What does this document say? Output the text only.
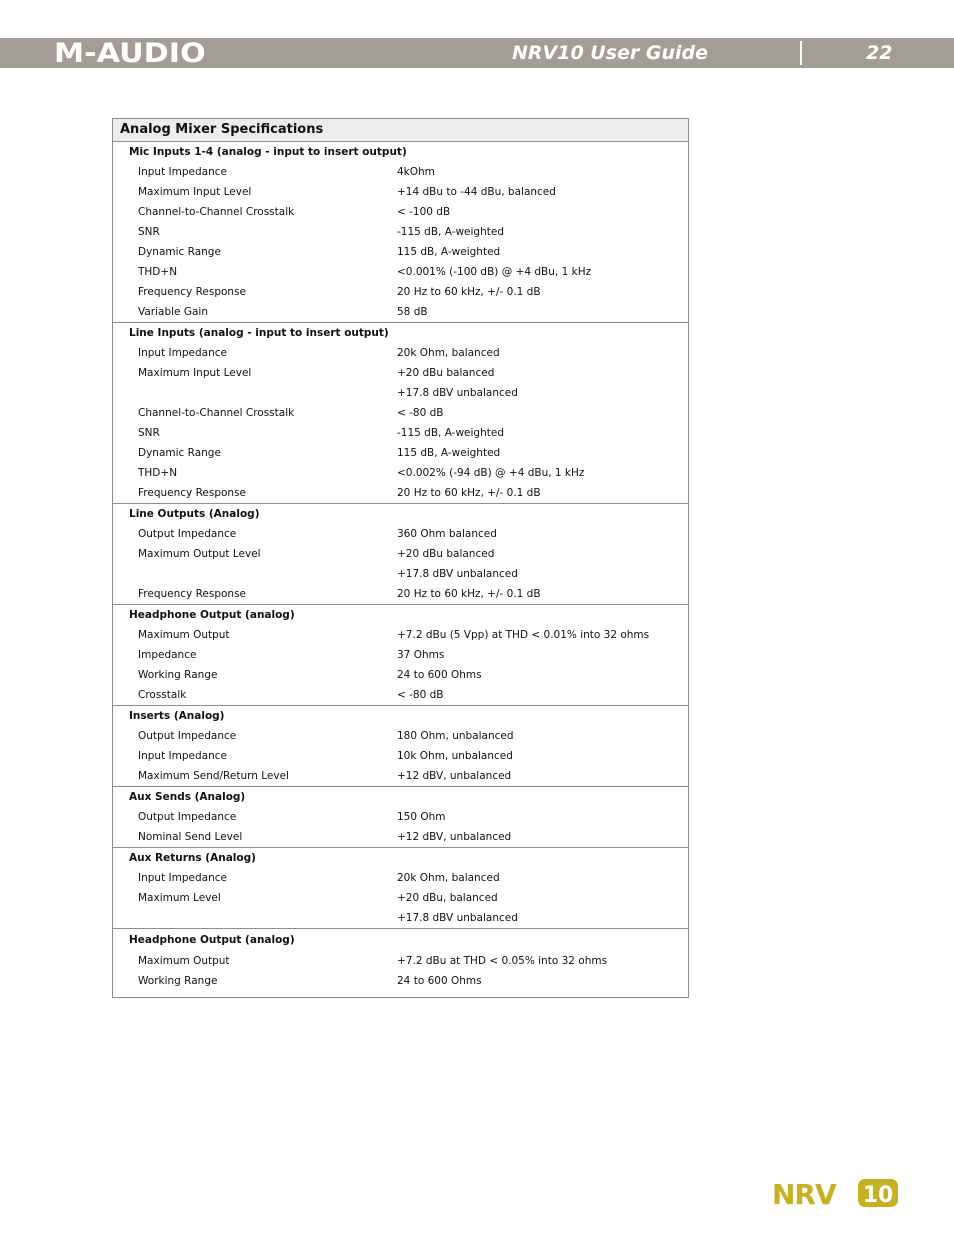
M-AUDIO	NRV10 User Guide	22
Analog Mixer Specifications
Mic Inputs 1-4 (analog - input to insert output)
Input Impedance	4kOhm
Maximum Input Level	+14 dBu to -44 dBu, balanced
Channel-to-Channel Crosstalk	< -100 dB
SNR	-115 dB, A-weighted
Dynamic Range	115 dB, A-weighted
THD+N	<0.001% (-100 dB) @ +4 dBu, 1 kHz
Frequency Response	20 Hz to 60 kHz, +/- 0.1 dB
Variable Gain	58 dB
Line Inputs (analog - input to insert output)
Input Impedance	20k Ohm, balanced
Maximum Input Level	+20 dBu balanced
+17.8 dBV unbalanced
Channel-to-Channel Crosstalk	< -80 dB
SNR	-115 dB, A-weighted
Dynamic Range	115 dB, A-weighted
THD+N	<0.002% (-94 dB) @ +4 dBu, 1 kHz
Frequency Response	20 Hz to 60 kHz, +/- 0.1 dB
Line Outputs (Analog)
Output Impedance	360 Ohm balanced
Maximum Output Level	+20 dBu balanced
+17.8 dBV unbalanced
Frequency Response	20 Hz to 60 kHz, +/- 0.1 dB
Headphone Output (analog)
Maximum Output	+7.2 dBu (5 Vpp) at THD < 0.01% into 32 ohms
Impedance	37 Ohms
Working Range	24 to 600 Ohms
Crosstalk	< -80 dB
Inserts (Analog)
Output Impedance	180 Ohm, unbalanced
Input Impedance	10k Ohm, unbalanced
Maximum Send/Return Level	+12 dBV, unbalanced
Aux Sends (Analog)
Output Impedance	150 Ohm
Nominal Send Level	+12 dBV, unbalanced
Aux Returns (Analog)
Input Impedance	20k Ohm, balanced
Maximum Level	+20 dBu, balanced
+17.8 dBV unbalanced
Headphone Output (analog)
Maximum Output	+7.2 dBu at THD < 0.05% into 32 ohms
Working Range	24 to 600 Ohms
NRV 10
